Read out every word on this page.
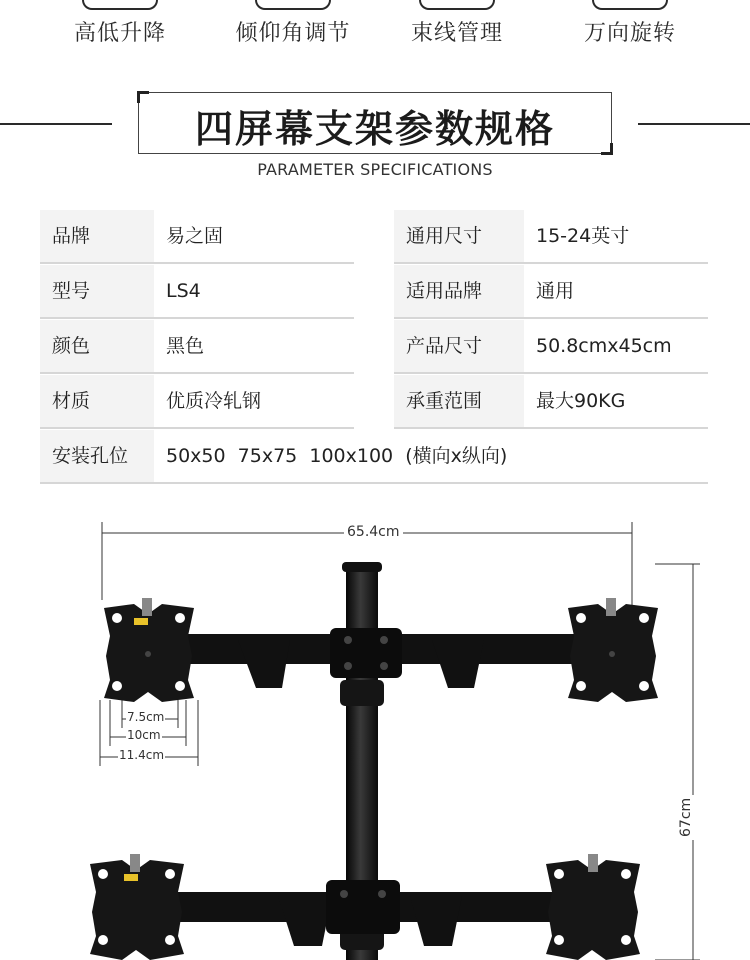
高低升降	倾仰角调节	束线管理	万向旋转
四屏幕支架参数规格
PARAMETER SPECIFICATIONS
品牌	易之固	通用尺寸	15-24英寸
型号	LS4	适用品牌	通用
颜色	黑色	产品尺寸	50.8cmx45cm
材质	优质冷轧钢	承重范围	最大90KG
安装孔位	50x50  75x75  100x100  (横向x纵向)
65.4cm
67cm
7.5cm
10cm
11.4cm
